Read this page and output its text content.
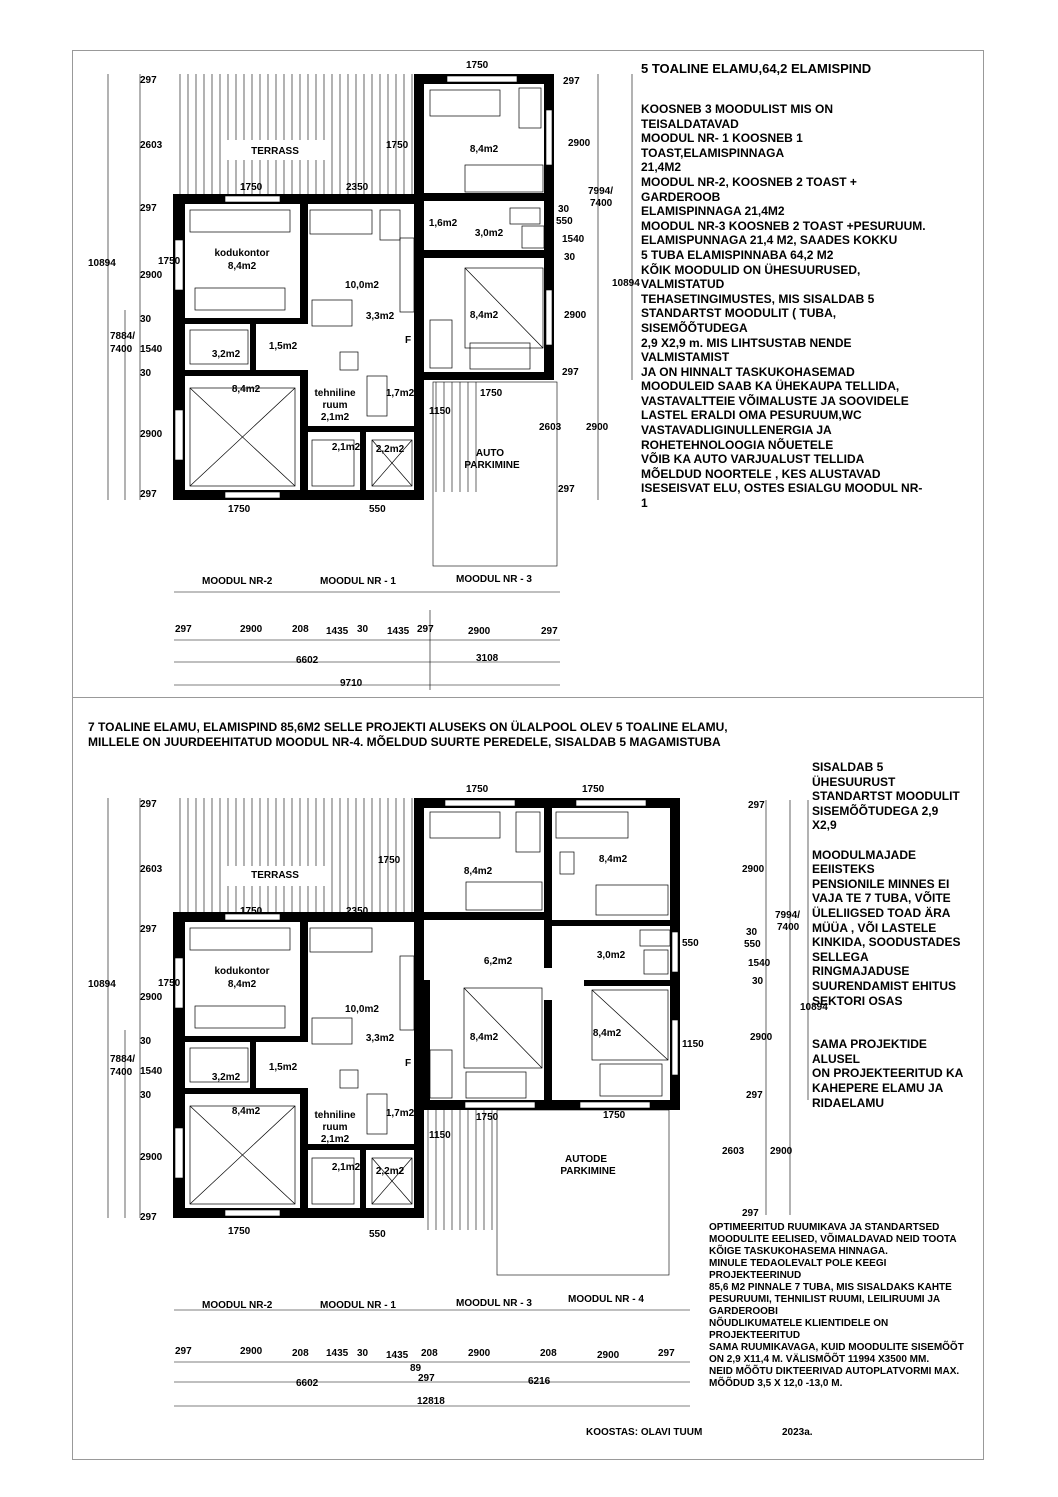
TERRASS
kodukontor
8,4m2
8,4m2
8,4m2
8,4m2
10,0m2
3,3m2
1,6m2
3,0m2
3,2m2
1,5m2
tehniline
ruum
2,1m2
1,7m2
2,1m2 2,2m2
F
AUTO
PARKIMINE
297
2603
1750	2350
297
10894	1750
2900
30
7884/
7400 1540
30
2900
297
1750	550
1750
1750
297
2900
7994/
7400
30
550
1540
30
10894
2900
297
2603 2900
297
1750
1150
MOODUL NR-2	MOODUL NR - 1	MOODUL NR - 3
297	2900	208 1435 30 1435 297	2900	297
6602	3108
9710
TERRASS
kodukontor
8,4m2
8,4m2
8,4m2
8,4m2	8,4m2
8,4m2
10,0m2
3,3m2
6,2m2
3,0m2
3,2m2
1,5m2
tehniline
ruum
2,1m2
1,7m2
2,1m2 2,2m2
F
AUTODE
PARKIMINE
297
2603
1750	2350
297
10894	1750
2900
30
7884/
7400 1540
30
2900
297
1750	550
1750	1750
1750
550
1150
1750	1750
1150
297
2900
7994/
7400
30
550
1540
30
10894
2900
297
2603	2900
297
MOODUL NR-2	MOODUL NR - 1	MOODUL NR - 3	MOODUL NR - 4
297	2900	208 1435 30 1435 208	2900	208	2900	297
89
297
6602	6216
12818
5 TOALINE ELAMU,64,2 ELAMISPIND
KOOSNEB 3 MOODULIST MIS ON
TEISALDATAVAD
MOODUL NR- 1 KOOSNEB 1
TOAST,ELAMISPINNAGA
21,4M2
MOODUL NR-2, KOOSNEB 2 TOAST +
GARDEROOB
ELAMISPINNAGA 21,4M2
MOODUL NR-3 KOOSNEB 2 TOAST +PESURUUM.
ELAMISPUNNAGA 21,4 M2, SAADES KOKKU
5 TUBA ELAMISPINNABA 64,2 M2
KÕIK MOODULID ON ÜHESUURUSED,
VALMISTATUD
TEHASETINGIMUSTES, MIS SISALDAB 5
STANDARTST MOODULIT ( TUBA,
SISEMÕÕTUDEGA
2,9 X2,9 m. MIS LIHTSUSTAB NENDE
VALMISTAMIST
JA ON HINNALT TASKUKOHASEMAD
MOODULEID SAAB KA ÜHEKAUPA TELLIDA,
VASTAVALTTEIE VÕIMALUSTE JA SOOVIDELE
LASTEL ERALDI OMA PESURUUM,WC
VASTAVADLIGINULLENERGIA JA
ROHETEHNOLOOGIA NÕUETELE
VÕIB KA AUTO VARJUALUST TELLIDA
MÕELDUD NOORTELE , KES ALUSTAVAD
ISESEISVAT ELU, OSTES ESIALGU MOODUL NR-
1
7 TOALINE ELAMU, ELAMISPIND 85,6M2 SELLE PROJEKTI ALUSEKS ON ÜLALPOOL OLEV 5 TOALINE ELAMU,
MILLELE ON JUURDEEHITATUD MOODUL NR-4. MÕELDUD SUURTE PEREDELE, SISALDAB 5 MAGAMISTUBA
SISALDAB 5
ÜHESUURUST
STANDARTST MOODULIT
SISEMÕÕTUDEGA 2,9
X2,9

MOODULMAJADE
EEIISTEKS
PENSIONILE MINNES EI
VAJA TE 7 TUBA, VÕITE
ÜLELIIGSED TOAD ÄRA
MÜÜA , VÕI LASTELE
KINKIDA, SOODUSTADES
SELLEGA
RINGMAJADUSE
SUURENDAMIST EHITUS
SEKTORI OSAS

SAMA PROJEKTIDE
ALUSEL
ON PROJEKTEERITUD KA
KAHEPERE ELAMU JA
RIDAELAMU
OPTIMEERITUD RUUMIKAVA JA STANDARTSED
MOODULITE EELISED, VÕIMALDAVAD NEID TOOTA
KÕIGE TASKUKOHASEMA HINNAGA.
MINULE TEDAOLEVALT POLE KEEGI
PROJEKTEERINUD
85,6 M2 PINNALE 7 TUBA, MIS SISALDAKS KAHTE
PESURUUMI, TEHNILIST RUUMI, LEILIRUUMI JA
GARDEROOBI
NÕUDLIKUMATELE KLIENTIDELE ON
PROJEKTEERITUD
SAMA RUUMIKAVAGA, KUID MOODULITE SISEMÕÕT
ON 2,9 X11,4 M. VÄLISMÕÕT 11994 X3500 MM.
NEID MÕÕTU DIKTEERIVAD AUTOPLATVORMI MAX.
MÕÕDUD 3,5 X 12,0 -13,0 M.
KOOSTAS: OLAVI TUUM	2023a.
